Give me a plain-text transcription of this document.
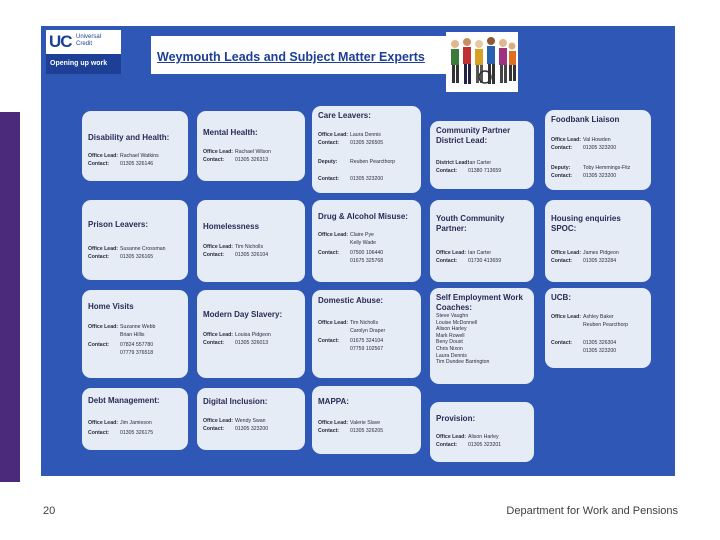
UC Universal Credit
Opening up work	Weymouth Leads and Subject Matter Experts
Disability and Health:
Office Lead: Rachael Watkins
Contact: 01305 326146
Mental Health:
Office Lead: Rachael Wilson
Contact: 01305 326313
Care Leavers:
Office Lead: Laura Dennis
Contact: 01305 326505
Deputy: Reuben Pearcthorp
Contact: 01305 323200
Community Partner District Lead:
District Lead:Ian Carter
Contact: 01380 713659
Foodbank Liaison
Office Lead: Val Howden
Contact: 01305 323200
Deputy: Toby Hemmings-Fitz
Contact: 01305 323200
Prison Leavers:
Office Lead: Susanne Crossman
Contact: 01305 326165
Homelessness
Office Lead: Tim Nicholls
Contact: 01305 326104
Drug & Alcohol Misuse:
Office Lead: Claire Pye
Kelly Wade
Contact: 07500 106440
01675 325768
Youth Community Partner:
Office Lead: Ian Carter
Contact: 01730 413659
Housing enquiries SPOC:
Office Lead: James Pidgeon
Contact: 01305 323284
Home Visits
Office Lead: Suzanne Webb
Brian Hillis
Contact: 07824 557780
07779 376518
Modern Day Slavery:
Office Lead: Louisa Pidgeon
Contact: 01305 326013
Domestic Abuse:
Office Lead: Tim Nicholls
Carolyn Draper
Contact: 01675 324104
07759 102567
Self Employment Work Coaches:
Steve Vaughn
Louise McDonnell
Alison Harley
Mark Rowell
Beny Doust
Chris Nixon
Laura Dennis
Tim Dundee Barrington
UCB:
Office Lead: Ashley Baker
Reuben Pearcthorp
Contact: 01305 326304
01305 323200
Debt Management:
Office Lead: Jim Jamieson
Contact: 01305 326175
Digital Inclusion:
Office Lead: Wendy Swan
Contact: 01305 323200
MAPPA:
Office Lead: Valerie Slave
Contact: 01305 326205
Provision:
Office Lead: Alison Harley
Contact: 01305 323201
20	Department for Work and Pensions
